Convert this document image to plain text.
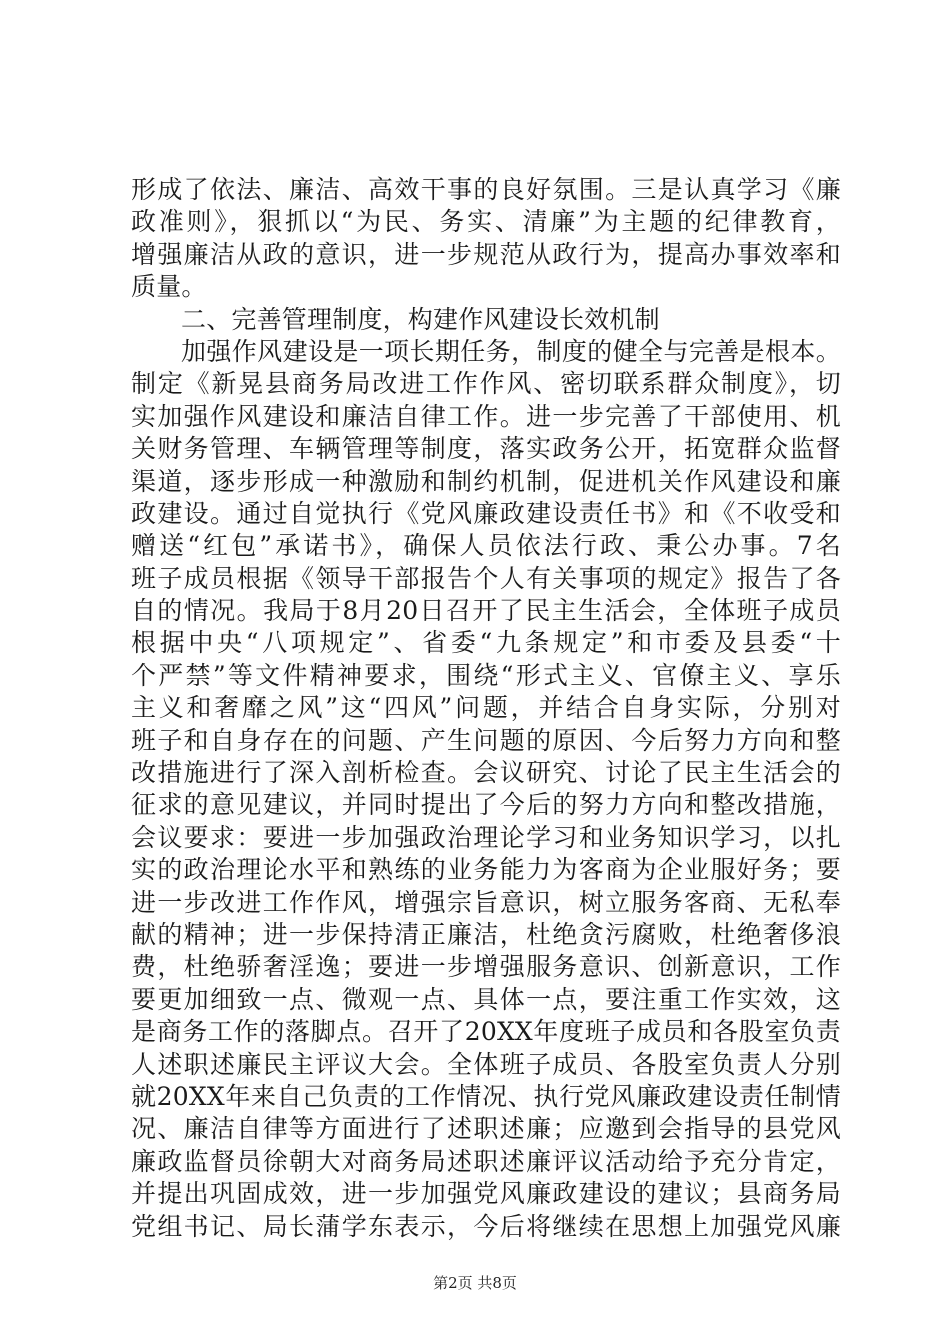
形成了依法、廉洁、高效干事的良好氛围。三是认真学习《廉
政准则》，狠抓以“为民、务实、清廉”为主题的纪律教育，
增强廉洁从政的意识，进一步规范从政行为，提高办事效率和
质量。
二、完善管理制度，构建作风建设长效机制
加强作风建设是一项长期任务，制度的健全与完善是根本。
制定《新晃县商务局改进工作作风、密切联系群众制度》，切
实加强作风建设和廉洁自律工作。进一步完善了干部使用、机
关财务管理、车辆管理等制度，落实政务公开，拓宽群众监督
渠道，逐步形成一种激励和制约机制，促进机关作风建设和廉
政建设。通过自觉执行《党风廉政建设责任书》和《不收受和
赠送“红包”承诺书》，确保人员依法行政、秉公办事。7名
班子成员根据《领导干部报告个人有关事项的规定》报告了各
自的情况。我局于8月20日召开了民主生活会，全体班子成员
根据中央“八项规定”、省委“九条规定”和市委及县委“十
个严禁”等文件精神要求，围绕“形式主义、官僚主义、享乐
主义和奢靡之风”这“四风”问题，并结合自身实际，分别对
班子和自身存在的问题、产生问题的原因、今后努力方向和整
改措施进行了深入剖析检查。会议研究、讨论了民主生活会的
征求的意见建议，并同时提出了今后的努力方向和整改措施，
会议要求：要进一步加强政治理论学习和业务知识学习，以扎
实的政治理论水平和熟练的业务能力为客商为企业服好务；要
进一步改进工作作风，增强宗旨意识，树立服务客商、无私奉
献的精神；进一步保持清正廉洁，杜绝贪污腐败，杜绝奢侈浪
费，杜绝骄奢淫逸；要进一步增强服务意识、创新意识，工作
要更加细致一点、微观一点、具体一点，要注重工作实效，这
是商务工作的落脚点。召开了20XX年度班子成员和各股室负责
人述职述廉民主评议大会。全体班子成员、各股室负责人分别
就20XX年来自己负责的工作情况、执行党风廉政建设责任制情
况、廉洁自律等方面进行了述职述廉；应邀到会指导的县党风
廉政监督员徐朝大对商务局述职述廉评议活动给予充分肯定，
并提出巩固成效，进一步加强党风廉政建设的建议；县商务局
党组书记、局长蒲学东表示，今后将继续在思想上加强党风廉
第2页 共8页
